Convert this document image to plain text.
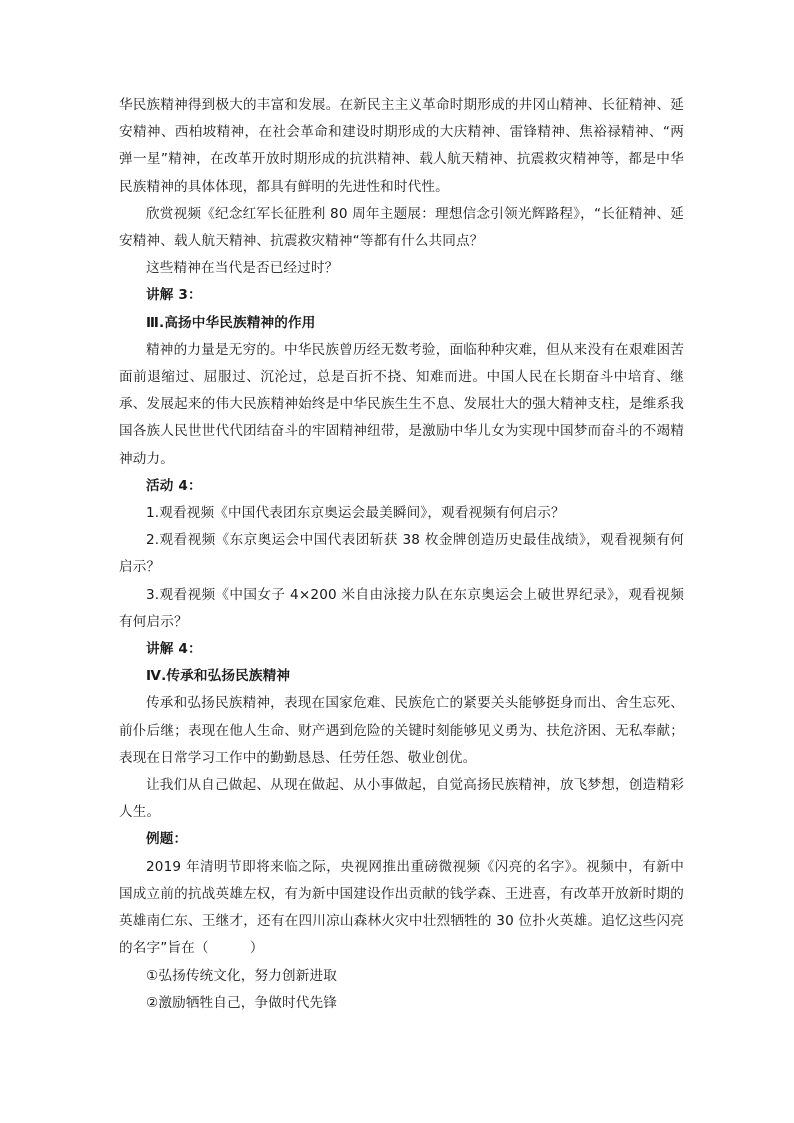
华民族精神得到极大的丰富和发展。在新民主主义革命时期形成的井冈山精神、长征精神、延安精神、西柏坡精神，在社会革命和建设时期形成的大庆精神、雷锋精神、焦裕禄精神、“两弹一星”精神，在改革开放时期形成的抗洪精神、载人航天精神、抗震救灾精神等，都是中华民族精神的具体体现，都具有鲜明的先进性和时代性。

欣赏视频《纪念红军长征胜利 80 周年主题展：理想信念引领光辉路程》，“长征精神、延安精神、载人航天精神、抗震救灾精神“等都有什么共同点？

这些精神在当代是否已经过时？

讲解 3：

Ⅲ.高扬中华民族精神的作用

精神的力量是无穷的。中华民族曾历经无数考验，面临种种灾难，但从来没有在艰难困苦面前退缩过、屈服过、沉沦过，总是百折不挠、知难而进。中国人民在长期奋斗中培育、继承、发展起来的伟大民族精神始终是中华民族生生不息、发展壮大的强大精神支柱，是维系我国各族人民世世代代团结奋斗的牢固精神纽带，是激励中华儿女为实现中国梦而奋斗的不竭精神动力。

活动 4：

1.观看视频《中国代表团东京奥运会最美瞬间》，观看视频有何启示？

2.观看视频《东京奥运会中国代表团斩获 38 枚金牌创造历史最佳战绩》，观看视频有何启示？

3.观看视频《中国女子 4×200 米自由泳接力队在东京奥运会上破世界纪录》，观看视频有何启示？

讲解 4：

Ⅳ.传承和弘扬民族精神

传承和弘扬民族精神，表现在国家危难、民族危亡的紧要关头能够挺身而出、舍生忘死、前仆后继；表现在他人生命、财产遇到危险的关键时刻能够见义勇为、扶危济困、无私奉献；表现在日常学习工作中的勤勤恳恳、任劳任怨、敬业创优。

让我们从自己做起、从现在做起、从小事做起，自觉高扬民族精神，放飞梦想，创造精彩人生。

例题：

2019 年清明节即将来临之际，央视网推出重磅微视频《闪亮的名字》。视频中，有新中国成立前的抗战英雄左权，有为新中国建设作出贡献的钱学森、王进喜，有改革开放新时期的英雄南仁东、王继才，还有在四川凉山森林火灾中壮烈牺牲的 30 位扑火英雄。追忆这些闪亮的名字”旨在（　　　）

①弘扬传统文化，努力创新进取

②激励牺牲自己，争做时代先锋
